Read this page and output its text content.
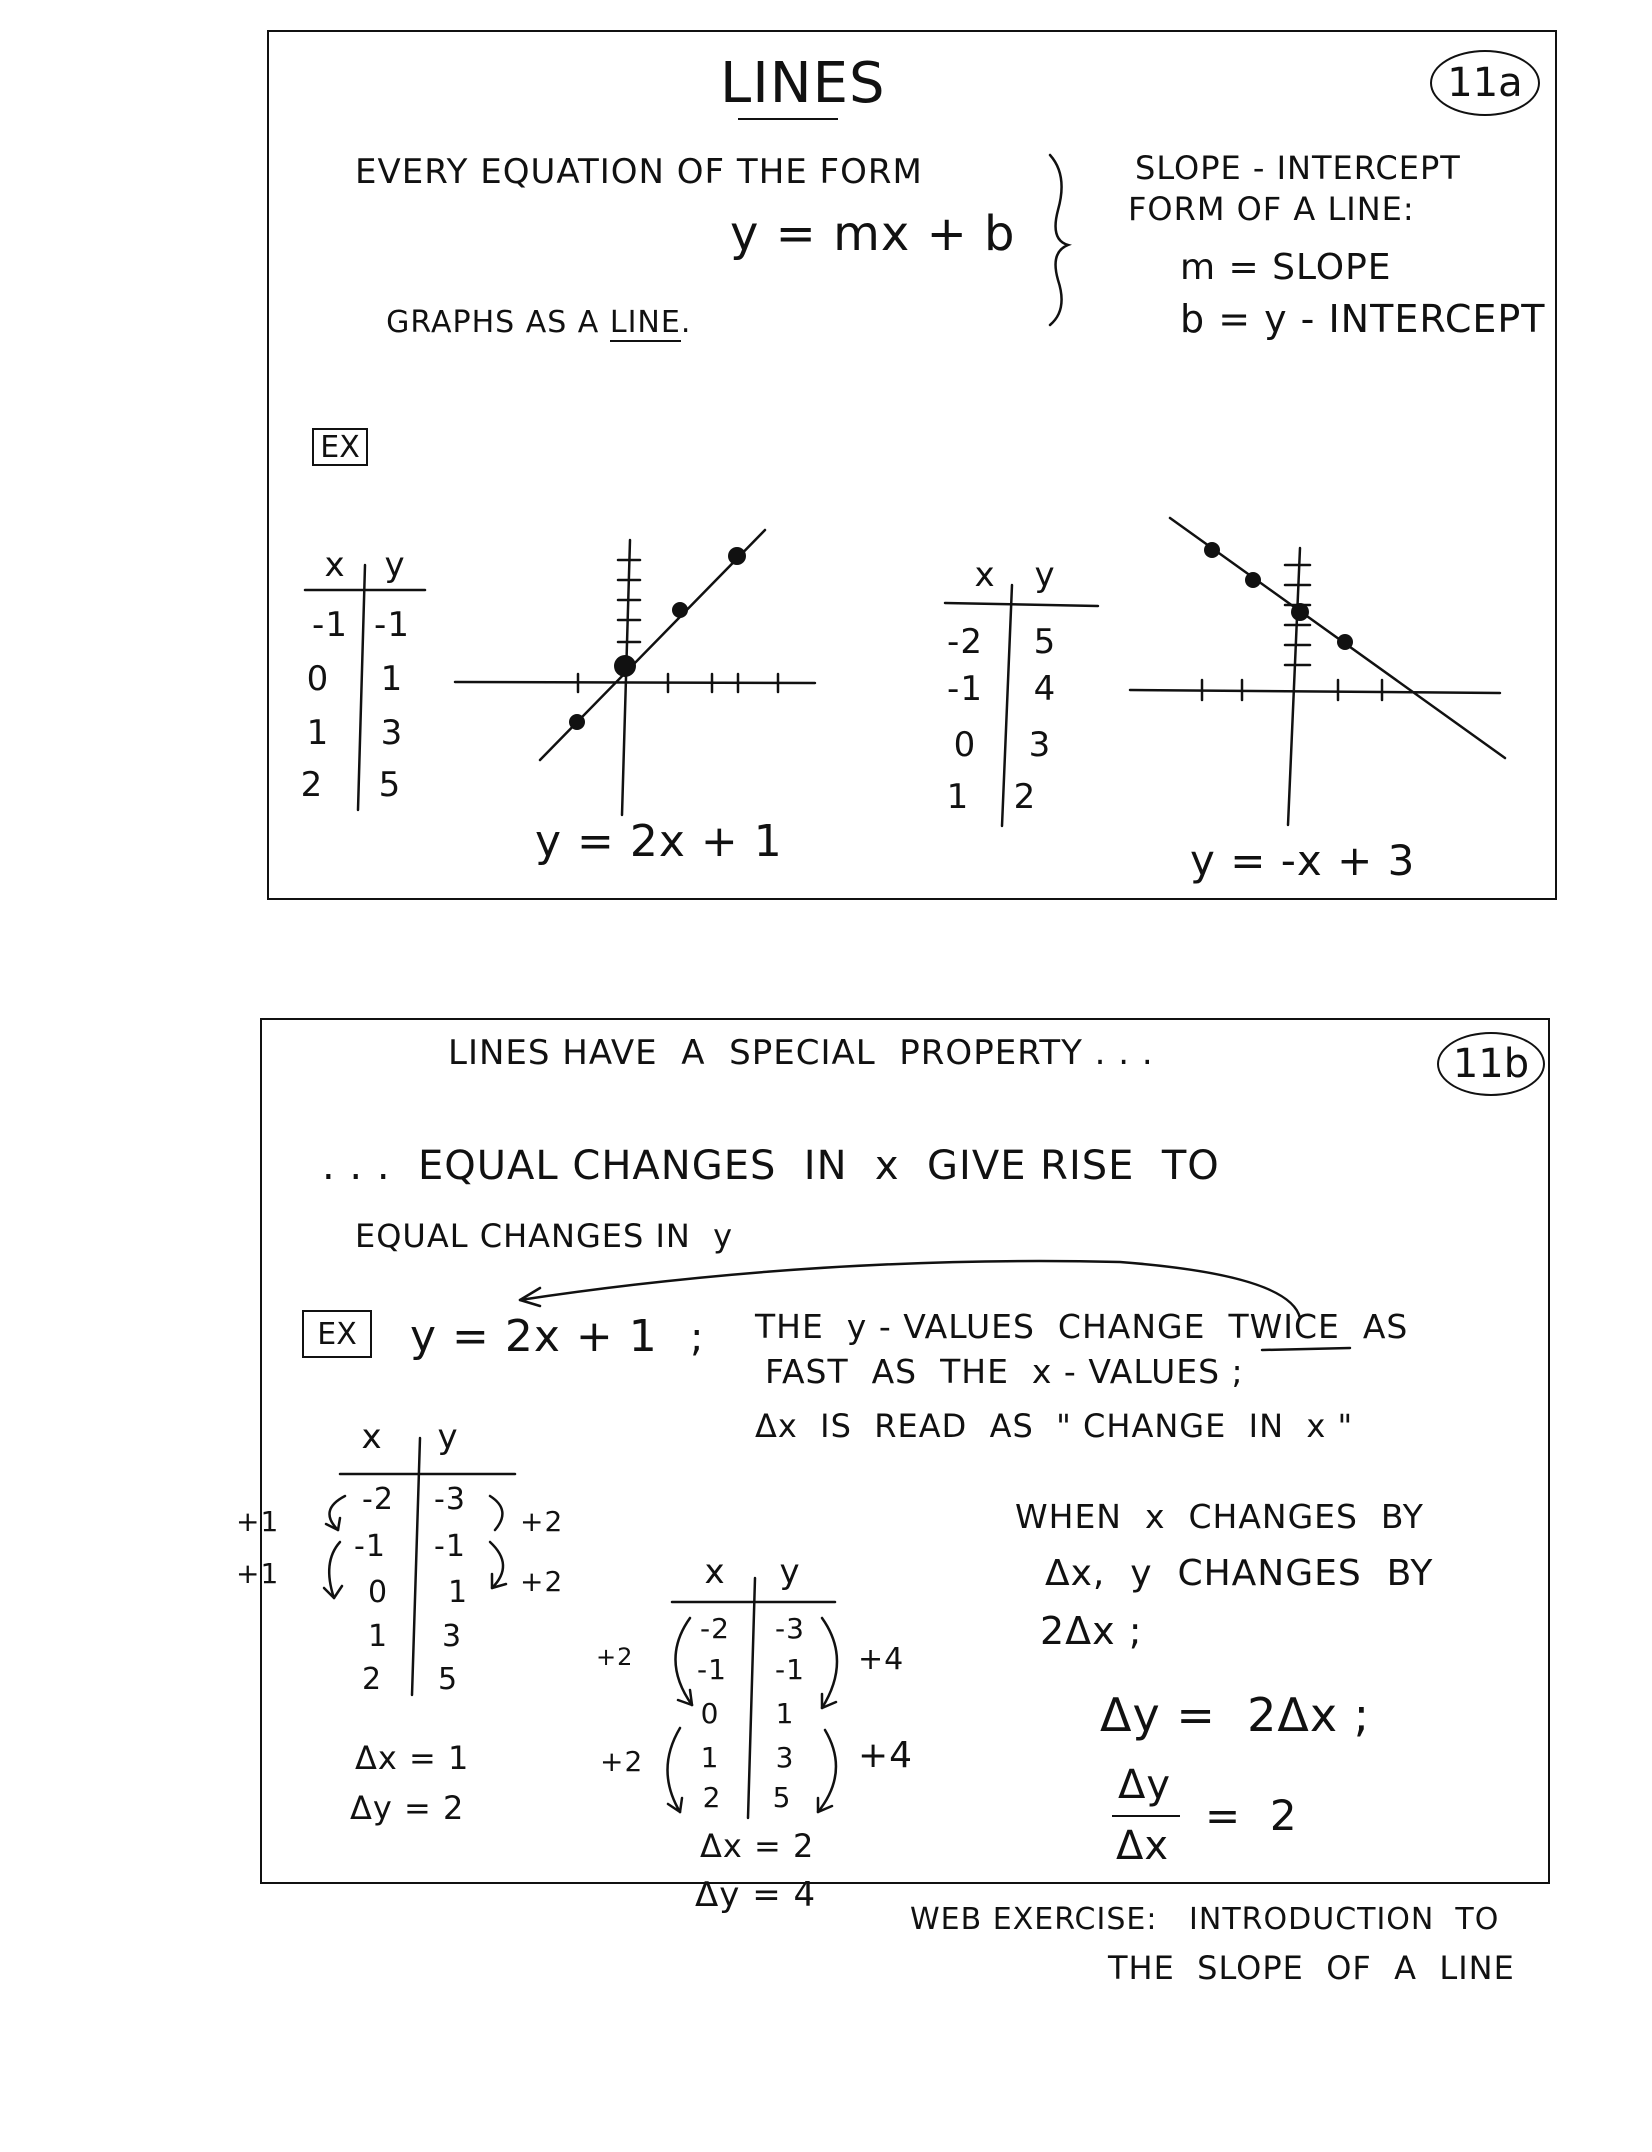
11a
LINES
EVERY EQUATION OF THE FORM
y = mx + b

GRAPHS AS A LINE.

SLOPE - INTERCEPT
FORM OF A LINE:
m = SLOPE
b = y - INTERCEPT
EX
x y
-1 -1
0 1
1 3
2 5
y = 2x + 1
x y
-2 5
-1 4
0 3
1 2
y = -x + 3
11b
LINES HAVE  A  SPECIAL  PROPERTY . . .
. . .  EQUAL CHANGES  IN  x  GIVE RISE  TO
EQUAL CHANGES IN  y
EX	y = 2x + 1 ; THE  y - VALUES  CHANGE  TWICE  AS
FAST  AS  THE  x - VALUES ;
Δx  IS  READ  AS  " CHANGE  IN  x "
x y
-2 -3
-1 -1
0	1
1	3
2	5
+1
+1
+2
+2
Δx = 1
Δy = 2
x y
-2 -3
-1 -1
0	1
1	3
2	5
+2
+2
+4
+4
Δx = 2
Δy = 4
WHEN  x  CHANGES  BY
Δx,  y  CHANGES  BY
2Δx ;
Δy =  2Δx ;
Δy
Δx
=  2
WEB EXERCISE:   INTRODUCTION  TO
THE  SLOPE  OF  A  LINE
